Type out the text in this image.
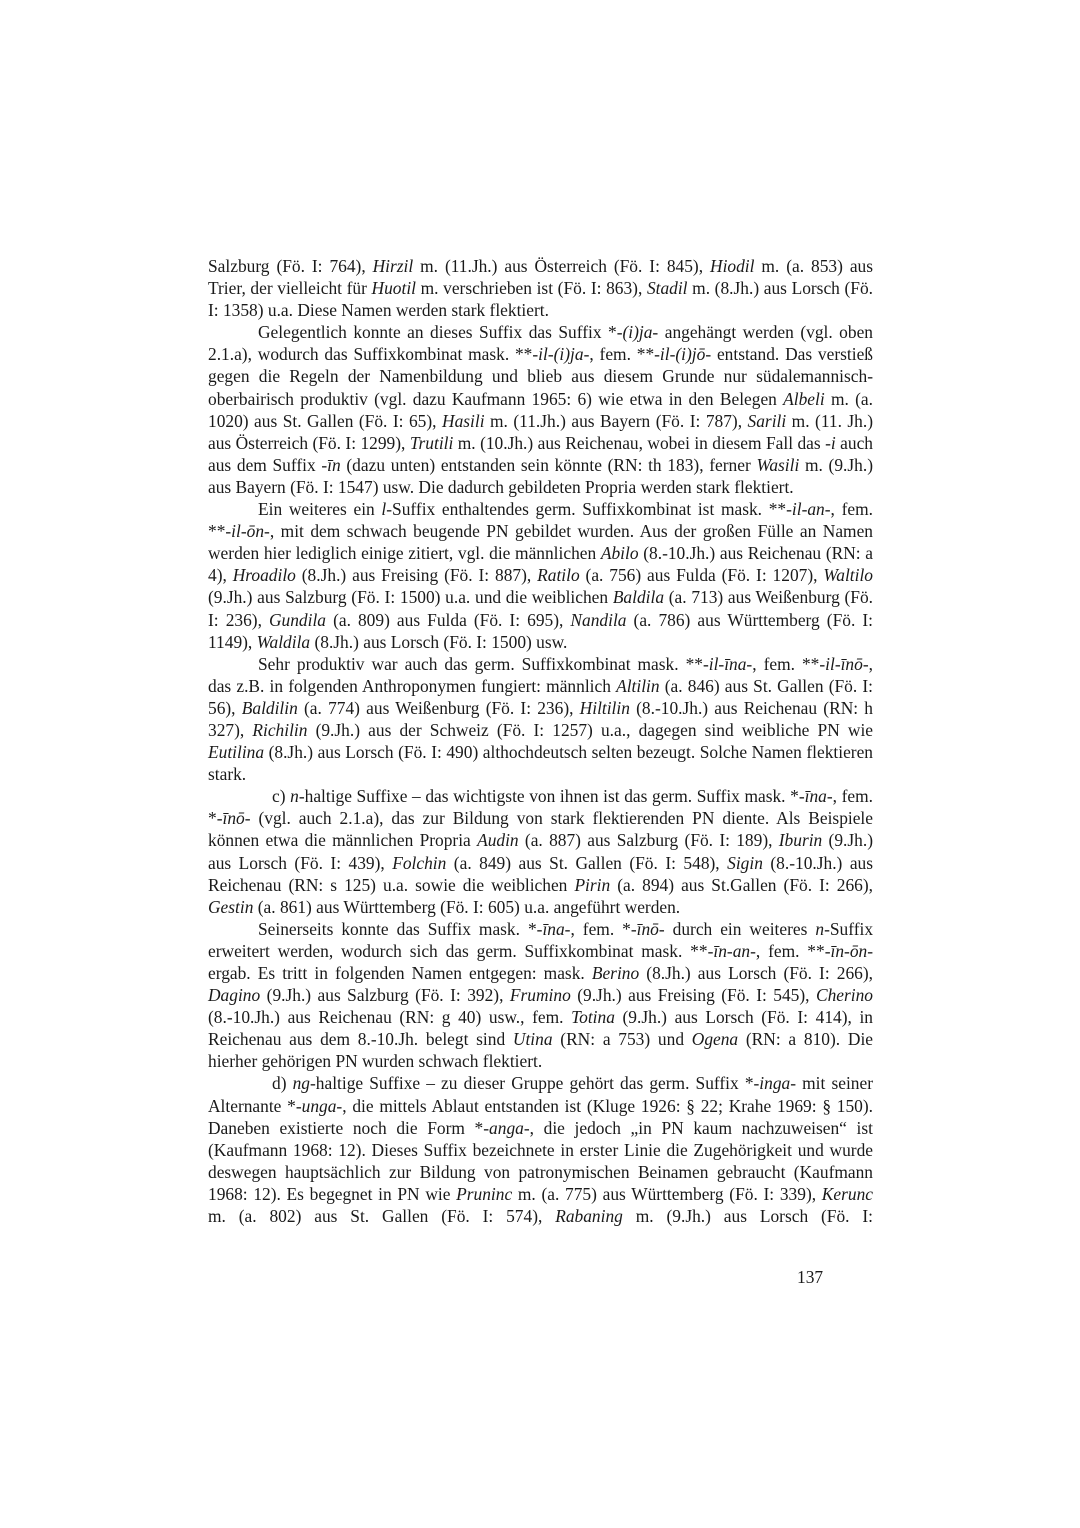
Salzburg (Fö. I: 764), Hirzil m. (11.Jh.) aus Österreich (Fö. I: 845), Hiodil m. (a. 853) aus Trier, der vielleicht für Huotil m. verschrieben ist (Fö. I: 863), Stadil m. (8.Jh.) aus Lorsch (Fö. I: 1358) u.a. Diese Namen werden stark flektiert.

Gelegentlich konnte an dieses Suffix das Suffix *-(i)ja- angehängt werden (vgl. oben 2.1.a), wodurch das Suffixkombinat mask. **-il-(i)ja-, fem. **-il-(i)jō- entstand. Das verstieß gegen die Regeln der Namenbildung und blieb aus diesem Grunde nur südalemannisch-oberbairisch produktiv (vgl. dazu Kaufmann 1965: 6) wie etwa in den Belegen Albeli m. (a. 1020) aus St. Gallen (Fö. I: 65), Hasili m. (11.Jh.) aus Bayern (Fö. I: 787), Sarili m. (11. Jh.) aus Österreich (Fö. I: 1299), Trutili m. (10.Jh.) aus Reichenau, wobei in diesem Fall das -i auch aus dem Suffix -īn (dazu unten) entstanden sein könnte (RN: th 183), ferner Wasili m. (9.Jh.) aus Bayern (Fö. I: 1547) usw. Die dadurch gebildeten Propria werden stark flektiert.

Ein weiteres ein l-Suffix enthaltendes germ. Suffixkombinat ist mask. **-il-an-, fem. **-il-ōn-, mit dem schwach beugende PN gebildet wurden. Aus der großen Fülle an Namen werden hier lediglich einige zitiert, vgl. die männlichen Abilo (8.-10.Jh.) aus Reichenau (RN: a 4), Hroadilo (8.Jh.) aus Freising (Fö. I: 887), Ratilo (a. 756) aus Fulda (Fö. I: 1207), Waltilo (9.Jh.) aus Salzburg (Fö. I: 1500) u.a. und die weiblichen Baldila (a. 713) aus Weißenburg (Fö. I: 236), Gundila (a. 809) aus Fulda (Fö. I: 695), Nandila (a. 786) aus Württemberg (Fö. I: 1149), Waldila (8.Jh.) aus Lorsch (Fö. I: 1500) usw.

Sehr produktiv war auch das germ. Suffixkombinat mask. **-il-īna-, fem. **-il-īnō-, das z.B. in folgenden Anthroponymen fungiert: männlich Altilin (a. 846) aus St. Gallen (Fö. I: 56), Baldilin (a. 774) aus Weißenburg (Fö. I: 236), Hiltilin (8.-10.Jh.) aus Reichenau (RN: h 327), Richilin (9.Jh.) aus der Schweiz (Fö. I: 1257) u.a., dagegen sind weibliche PN wie Eutilina (8.Jh.) aus Lorsch (Fö. I: 490) althochdeutsch selten bezeugt. Solche Namen flektieren stark.

c) n-haltige Suffixe – das wichtigste von ihnen ist das germ. Suffix mask. *-īna-, fem. *-īnō- (vgl. auch 2.1.a), das zur Bildung von stark flektierenden PN diente. Als Beispiele können etwa die männlichen Propria Audin (a. 887) aus Salzburg (Fö. I: 189), Iburin (9.Jh.) aus Lorsch (Fö. I: 439), Folchin (a. 849) aus St. Gallen (Fö. I: 548), Sigin (8.-10.Jh.) aus Reichenau (RN: s 125) u.a. sowie die weiblichen Pirin (a. 894) aus St.Gallen (Fö. I: 266), Gestin (a. 861) aus Württemberg (Fö. I: 605) u.a. angeführt werden.

Seinerseits konnte das Suffix mask. *-īna-, fem. *-īnō- durch ein weiteres n-Suffix erweitert werden, wodurch sich das germ. Suffixkombinat mask. **-īn-an-, fem. **-īn-ōn- ergab. Es tritt in folgenden Namen entgegen: mask. Berino (8.Jh.) aus Lorsch (Fö. I: 266), Dagino (9.Jh.) aus Salzburg (Fö. I: 392), Frumino (9.Jh.) aus Freising (Fö. I: 545), Cherino (8.-10.Jh.) aus Reichenau (RN: g 40) usw., fem. Totina (9.Jh.) aus Lorsch (Fö. I: 414), in Reichenau aus dem 8.-10.Jh. belegt sind Utina (RN: a 753) und Ogena (RN: a 810). Die hierher gehörigen PN wurden schwach flektiert.

d) ng-haltige Suffixe – zu dieser Gruppe gehört das germ. Suffix *-inga- mit seiner Alternante *-unga-, die mittels Ablaut entstanden ist (Kluge 1926: § 22; Krahe 1969: § 150). Daneben existierte noch die Form *-anga-, die jedoch „in PN kaum nachzuweisen“ ist (Kaufmann 1968: 12). Dieses Suffix bezeichnete in erster Linie die Zugehörigkeit und wurde deswegen hauptsächlich zur Bildung von patronymischen Beinamen gebraucht (Kaufmann 1968: 12). Es begegnet in PN wie Pruninc m. (a. 775) aus Württemberg (Fö. I: 339), Kerunc m. (a. 802) aus St. Gallen (Fö. I: 574), Rabaning m. (9.Jh.) aus Lorsch (Fö. I:

137
